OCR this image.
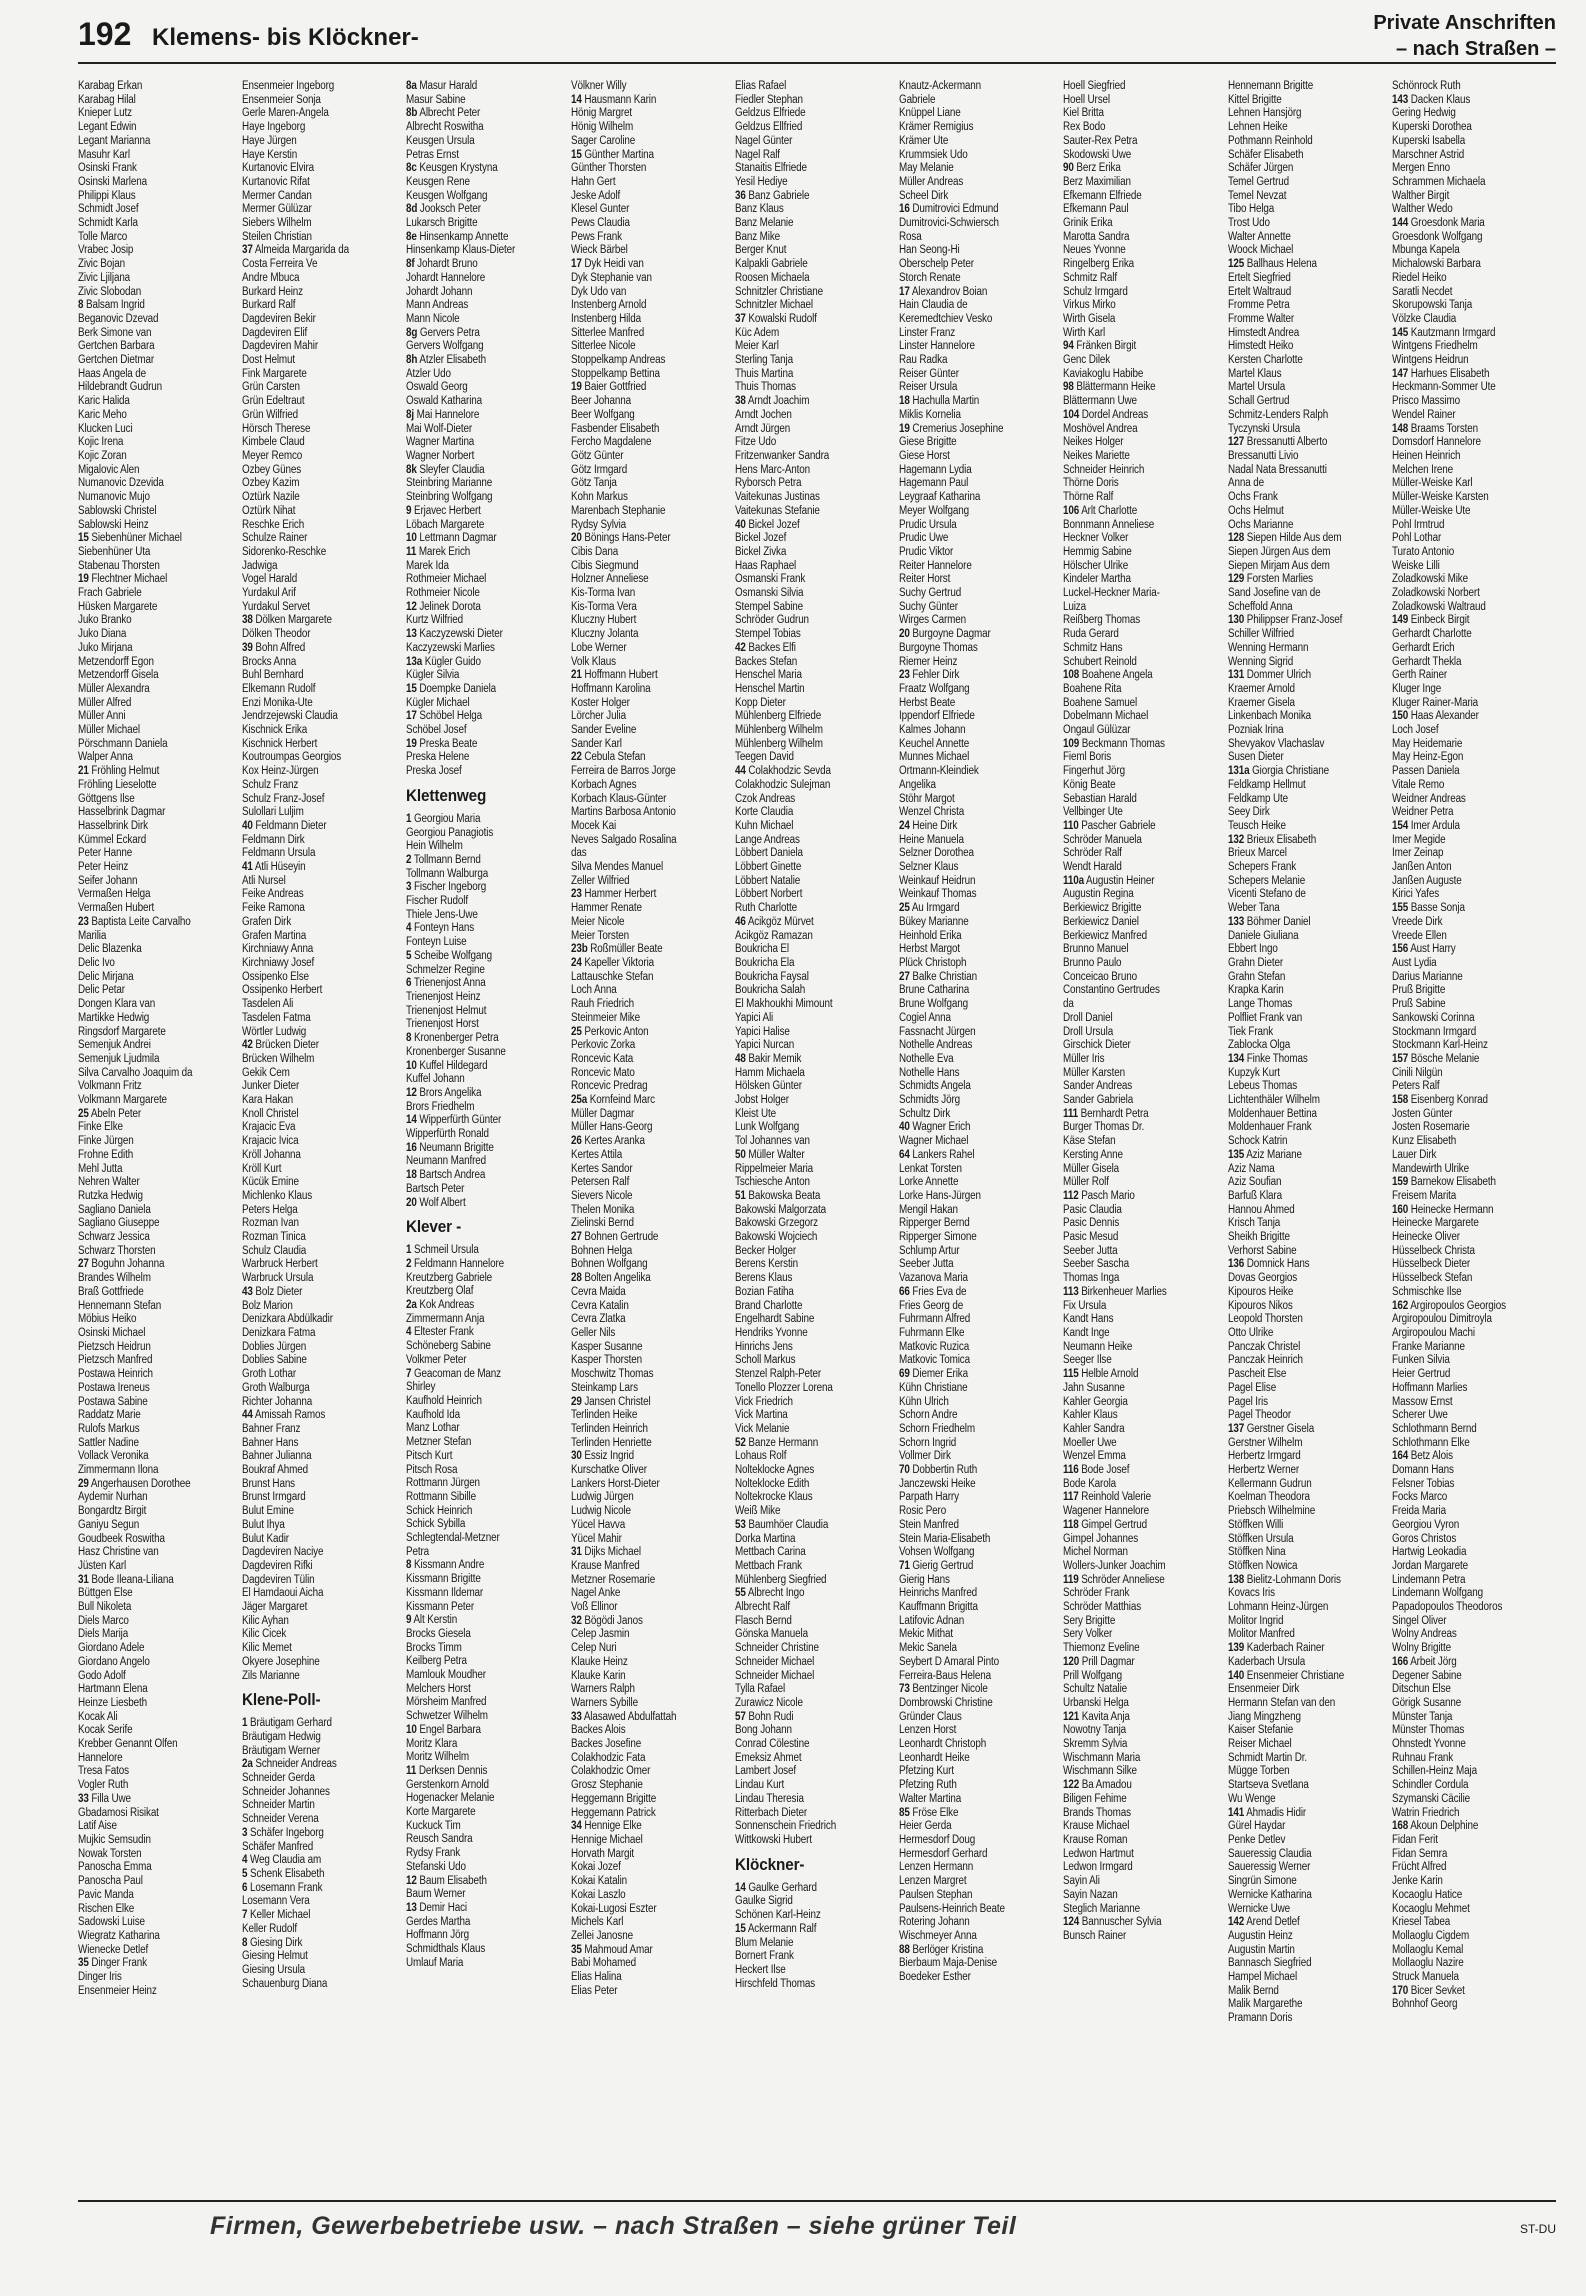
192 Klemens- bis Klöckner-
Private Anschriften
– nach Straßen –
Karabag Erkan
Karabag Hilal
Knieper Lutz
Legant Edwin
Legant Marianna
Masuhr Karl
Osinski Frank
Osinski Marlena
Philippi Klaus
Schmidt Josef
Schmidt Karla
Tolle Marco
Vrabec Josip
Zivic Bojan
Zivic Ljiljana
Zivic Slobodan
8 Balsam Ingrid
Beganovic Dzevad
Berk Simone van
Gertchen Barbara
Gertchen Dietmar
Haas Angela de
Hildebrandt Gudrun
Karic Halida
Karic Meho
Klucken Luci
Kojic Irena
Kojic Zoran
Migalovic Alen
Numanovic Dzevida
Numanovic Mujo
Sablowski Christel
Sablowski Heinz
15 Siebenhüner Michael
Siebenhüner Uta
Stabenau Thorsten
19 Flechtner Michael
Frach Gabriele
Hüsken Margarete
Juko Branko
Juko Diana
Juko Mirjana
Metzendorff Egon
Metzendorff Gisela
Müller Alexandra
Müller Alfred
Müller Anni
Müller Michael
Pörschmann Daniela
Walper Anna
21 Fröhling Helmut
Fröhling Lieselotte
Göttgens Ilse
Hasselbrink Dagmar
Hasselbrink Dirk
Kümmel Eckard
Peter Hanne
Peter Heinz
Seifer Johann
Vermaßen Helga
Vermaßen Hubert
23 Baptista Leite Carvalho
Marilia
Delic Blazenka
Delic Ivo
Delic Mirjana
Delic Petar
Dongen Klara van
Martikke Hedwig
Ringsdorf Margarete
Semenjuk Andrei
Semenjuk Ljudmila
Silva Carvalho Joaquim da
Volkmann Fritz
Volkmann Margarete
25 Abeln Peter
Finke Elke
Finke Jürgen
Frohne Edith
Mehl Jutta
Nehren Walter
Rutzka Hedwig
Sagliano Daniela
Sagliano Giuseppe
Schwarz Jessica
Schwarz Thorsten
27 Boguhn Johanna
Brandes Wilhelm
Braß Gottfriede
Hennemann Stefan
Möbius Heiko
Osinski Michael
Pietzsch Heidrun
Pietzsch Manfred
Postawa Heinrich
Postawa Ireneus
Postawa Sabine
Raddatz Marie
Rulofs Markus
Sattler Nadine
Vollack Veronika
Zimmermann Ilona
29 Angerhausen Dorothee
Aydemir Nurhan
Bongardtz Birgit
Ganiyu Segun
Goudbeek Roswitha
Hasz Christine van
Jüsten Karl
31 Bode Ileana-Liliana
Büttgen Else
Bull Nikoleta
Diels Marco
Diels Marija
Giordano Adele
Giordano Angelo
Godo Adolf
Hartmann Elena
Heinze Liesbeth
Kocak Ali
Kocak Serife
Krebber Genannt Olfen
Hannelore
Tresa Fatos
Vogler Ruth
33 Filla Uwe
Gbadamosi Risikat
Latif Aise
Mujkic Semsudin
Nowak Torsten
Panoscha Emma
Panoscha Paul
Pavic Manda
Rischen Elke
Sadowski Luise
Wiegratz Katharina
Wienecke Detlef
35 Dinger Frank
Dinger Iris
Ensenmeier Heinz
Ensenmeier Ingeborg
Ensenmeier Sonja
Gerle Maren-Angela
Haye Ingeborg
Haye Jürgen
Haye Kerstin
Kurtanovic Elvira
Kurtanovic Rifat
Mermer Candan
Mermer Gülüzar
Siebers Wilhelm
Steilen Christian
37 Almeida Margarida da
Costa Ferreira Ve
Andre Mbuca
Burkard Heinz
Burkard Ralf
Dagdeviren Bekir
Dagdeviren Elif
Dagdeviren Mahir
Dost Helmut
Fink Margarete
Grün Carsten
Grün Edeltraut
Grün Wilfried
Hörsch Therese
Kimbele Claud
Meyer Remco
Özbey Günes
Özbey Kazim
Öztürk Nazile
Öztürk Nihat
Reschke Erich
Schulze Rainer
Sidorenko-Reschke
Jadwiga
Vogel Harald
Yurdakul Arif
Yurdakul Servet
38 Dölken Margarete
Dölken Theodor
39 Bohn Alfred
Brocks Anna
Buhl Bernhard
Elkemann Rudolf
Enzi Monika-Ute
Jendrzejewski Claudia
Kischnick Erika
Kischnick Herbert
Koutroumpas Georgios
Kox Heinz-Jürgen
Schulz Franz
Schulz Franz-Josef
Sulollari Luljim
40 Feldmann Dieter
Feldmann Dirk
Feldmann Ursula
41 Atli Hüseyin
Atli Nursel
Feike Andreas
Feike Ramona
Grafen Dirk
Grafen Martina
Kirchniawy Anna
Kirchniawy Josef
Ossipenko Else
Ossipenko Herbert
Tasdelen Ali
Tasdelen Fatma
Wörtler Ludwig
42 Brücken Dieter
Brücken Wilhelm
Gekik Cem
Junker Dieter
Kara Hakan
Knoll Christel
Krajacic Eva
Krajacic Ivica
Kröll Johanna
Kröll Kurt
Kücük Emine
Michlenko Klaus
Peters Helga
Rozman Ivan
Rozman Tinica
Schulz Claudia
Warbruck Herbert
Warbruck Ursula
43 Bolz Dieter
Bolz Marion
Denizkara Abdülkadir
Denizkara Fatma
Doblies Jürgen
Doblies Sabine
Groth Lothar
Groth Walburga
Richter Johanna
44 Amissah Ramos
Bahner Franz
Bahner Hans
Bahner Julianna
Boukraf Ahmed
Brunst Hans
Brunst Irmgard
Bulut Emine
Bulut Ihya
Bulut Kadir
Dagdeviren Naciye
Dagdeviren Rifki
Dagdeviren Tülin
El Hamdaoui Aicha
Jäger Margaret
Kilic Ayhan
Kilic Cicek
Kilic Memet
Okyere Josephine
Zils Marianne
Klene-Poll-
1 Bräutigam Gerhard
Bräutigam Hedwig
Bräutigam Werner
2a Schneider Andreas
Schneider Gerda
Schneider Johannes
Schneider Martin
Schneider Verena
3 Schäfer Ingeborg
Schäfer Manfred
4 Weg Claudia am
5 Schenk Elisabeth
6 Losemann Frank
Losemann Vera
7 Keller Michael
Keller Rudolf
8 Giesing Dirk
Giesing Helmut
Giesing Ursula
Schauenburg Diana
8a Masur Harald
Masur Sabine
8b Albrecht Peter
Albrecht Roswitha
Keusgen Ursula
Petras Ernst
8c Keusgen Krystyna
Keusgen Rene
Keusgen Wolfgang
8d Jooksch Peter
Lukarsch Brigitte
8e Hinsenkamp Annette
Hinsenkamp Klaus-Dieter
8f Johardt Bruno
Johardt Hannelore
Johardt Johann
Mann Andreas
Mann Nicole
8g Gervers Petra
Gervers Wolfgang
8h Atzler Elisabeth
Atzler Udo
Oswald Georg
Oswald Katharina
8j Mai Hannelore
Mai Wolf-Dieter
Wagner Martina
Wagner Norbert
8k Sleyfer Claudia
Steinbring Marianne
Steinbring Wolfgang
9 Erjavec Herbert
Löbach Margarete
10 Lettmann Dagmar
11 Marek Erich
Marek Ida
Rothmeier Michael
Rothmeier Nicole
12 Jelinek Dorota
Kurtz Wilfried
13 Kaczyzewski Dieter
Kaczyzewski Marlies
13a Kügler Guido
Kügler Silvia
15 Doempke Daniela
Kügler Michael
17 Schöbel Helga
Schöbel Josef
19 Preska Beate
Preska Helene
Preska Josef
Klettenweg
1 Georgiou Maria
Georgiou Panagiotis
Hein Wilhelm
2 Tollmann Bernd
Tollmann Walburga
3 Fischer Ingeborg
Fischer Rudolf
Thiele Jens-Uwe
4 Fonteyn Hans
Fonteyn Luise
5 Scheibe Wolfgang
Schmelzer Regine
6 Trienenjost Anna
Trienenjost Heinz
Trienenjost Helmut
Trienenjost Horst
8 Kronenberger Petra
Kronenberger Susanne
10 Kuffel Hildegard
Kuffel Johann
12 Brors Angelika
Brors Friedhelm
14 Wipperfürth Günter
Wipperfürth Ronald
16 Neumann Brigitte
Neumann Manfred
18 Bartsch Andrea
Bartsch Peter
20 Wolf Albert
Klever -
1 Schmeil Ursula
2 Feldmann Hannelore
Kreutzberg Gabriele
Kreutzberg Olaf
2a Kok Andreas
Zimmermann Anja
4 Eltester Frank
Schöneberg Sabine
Volkmer Peter
7 Geacoman de Manz
Shirley
Kaufhold Heinrich
Kaufhold Ida
Manz Lothar
Metzner Stefan
Pitsch Kurt
Pitsch Rosa
Rottmann Jürgen
Rottmann Sibille
Schick Heinrich
Schick Sybilla
Schlegtendal-Metzner
Petra
8 Kissmann Andre
Kissmann Brigitte
Kissmann Ildemar
Kissmann Peter
9 Alt Kerstin
Brocks Giesela
Brocks Timm
Keilberg Petra
Mamlouk Moudher
Melchers Horst
Mörsheim Manfred
Schwetzer Wilhelm
10 Engel Barbara
Moritz Klara
Moritz Wilhelm
11 Derksen Dennis
Gerstenkorn Arnold
Hogenacker Melanie
Korte Margarete
Kuckuck Tim
Reusch Sandra
Rydsy Frank
Stefanski Udo
12 Baum Elisabeth
Baum Werner
13 Demir Haci
Gerdes Martha
Hoffmann Jörg
Schmidthals Klaus
Umlauf Maria
Völkner Willy
14 Hausmann Karin
Hönig Margret
Hönig Wilhelm
Sager Caroline
15 Günther Martina
Günther Thorsten
Hahn Gert
Jeske Adolf
Klesel Gunter
Pews Claudia
Pews Frank
Wieck Bärbel
17 Dyk Heidi van
Dyk Stephanie van
Dyk Udo van
Instenberg Arnold
Instenberg Hilda
Sitterlee Manfred
Sitterlee Nicole
Stoppelkamp Andreas
Stoppelkamp Bettina
19 Baier Gottfried
Beer Johanna
Beer Wolfgang
Fasbender Elisabeth
Fercho Magdalene
Götz Günter
Götz Irmgard
Götz Tanja
Kohn Markus
Marenbach Stephanie
Rydsy Sylvia
20 Bönings Hans-Peter
Cibis Dana
Cibis Siegmund
Holzner Anneliese
Kis-Torma Ivan
Kis-Torma Vera
Kluczny Hubert
Kluczny Jolanta
Lobe Werner
Volk Klaus
21 Hoffmann Hubert
Hoffmann Karolina
Koster Holger
Lörcher Julia
Sander Eveline
Sander Karl
22 Cebula Stefan
Ferreira de Barros Jorge
Korbach Agnes
Korbach Klaus-Günter
Martins Barbosa Antonio
Mocek Kai
Neves Salgado Rosalina
das
Silva Mendes Manuel
Zeller Wilfried
23 Hammer Herbert
Hammer Renate
Meier Nicole
Meier Torsten
23b Roßmüller Beate
24 Kapeller Viktoria
Lattauschke Stefan
Loch Anna
Rauh Friedrich
Steinmeier Mike
25 Perkovic Anton
Perkovic Zorka
Roncevic Kata
Roncevic Mato
Roncevic Predrag
25a Kornfeind Marc
Müller Dagmar
Müller Hans-Georg
26 Kertes Aranka
Kertes Attila
Kertes Sandor
Petersen Ralf
Sievers Nicole
Thelen Monika
Zielinski Bernd
27 Bohnen Gertrude
Bohnen Helga
Bohnen Wolfgang
28 Bolten Angelika
Cevra Maida
Cevra Katalin
Cevra Zlatka
Geller Nils
Kasper Susanne
Kasper Thorsten
Moschwitz Thomas
Steinkamp Lars
29 Jansen Christel
Terlinden Heike
Terlinden Heinrich
Terlinden Henriette
30 Essiz Ingrid
Kurschatke Oliver
Lankers Horst-Dieter
Ludwig Jürgen
Ludwig Nicole
Yücel Havva
Yücel Mahir
31 Dijks Michael
Krause Manfred
Metzner Rosemarie
Nagel Anke
Voß Ellinor
32 Bögödi Janos
Celep Jasmin
Celep Nuri
Klauke Heinz
Klauke Karin
Warners Ralph
Warners Sybille
33 Alasawed Abdulfattah
Backes Alois
Backes Josefine
Colakhodzic Fata
Colakhodzic Omer
Grosz Stephanie
Heggemann Brigitte
Heggemann Patrick
34 Hennige Elke
Hennige Michael
Horvath Margit
Kokai Jozef
Kokai Katalin
Kokai Laszlo
Kokai-Lugosi Eszter
Michels Karl
Zellei Janosne
35 Mahmoud Amar
Babi Mohamed
Elias Halina
Elias Peter
Elias Rafael
Fiedler Stephan
Geldzus Elfriede
Geldzus Ellfried
Nagel Günter
Nagel Ralf
Stanaitis Elfriede
Yesil Hediye
36 Banz Gabriele
Banz Klaus
Banz Melanie
Banz Mike
Berger Knut
Kalpakli Gabriele
Roosen Michaela
Schnitzler Christiane
Schnitzler Michael
37 Kowalski Rudolf
Küc Adem
Meier Karl
Sterling Tanja
Thuis Martina
Thuis Thomas
38 Arndt Joachim
Arndt Jochen
Arndt Jürgen
Fitze Udo
Fritzenwanker Sandra
Hens Marc-Anton
Ryborsch Petra
Vaitekunas Justinas
Vaitekunas Stefanie
40 Bickel Jozef
Bickel Jozef
Bickel Zivka
Haas Raphael
Osmanski Frank
Osmanski Silvia
Stempel Sabine
Schröder Gudrun
Stempel Tobias
42 Backes Elfi
Backes Stefan
Henschel Maria
Henschel Martin
Kopp Dieter
Mühlenberg Elfriede
Mühlenberg Wilhelm
Mühlenberg Wilhelm
Teegen David
44 Colakhodzic Sevda
Colakhodzic Sulejman
Czok Andreas
Korte Claudia
Kuhn Michael
Lange Andreas
Löbbert Daniela
Löbbert Ginette
Löbbert Natalie
Löbbert Norbert
Ruth Charlotte
46 Acikgöz Mürvet
Acikgöz Ramazan
Boukricha El
Boukricha Ela
Boukricha Faysal
Boukricha Salah
El Makhoukhi Mimount
Yapici Ali
Yapici Halise
Yapici Nurcan
48 Bakir Memik
Hamm Michaela
Hölsken Günter
Jobst Holger
Kleist Ute
Lunk Wolfgang
Tol Johannes van
50 Müller Walter
Rippelmeier Maria
Tschiesche Anton
51 Bakowska Beata
Bakowski Malgorzata
Bakowski Grzegorz
Bakowski Wojciech
Becker Holger
Berens Kerstin
Berens Klaus
Bozian Fatiha
Brand Charlotte
Engelhardt Sabine
Hendriks Yvonne
Hinrichs Jens
Scholl Markus
Stenzel Ralph-Peter
Tonello Plozzer Lorena
Vick Friedrich
Vick Martina
Vick Melanie
52 Banze Hermann
Lohaus Rolf
Nolteklocke Agnes
Nolteklocke Edith
Noltekrocke Klaus
Weiß Mike
53 Baumhöer Claudia
Dorka Martina
Mettbach Carina
Mettbach Frank
Mühlenberg Siegfried
55 Albrecht Ingo
Albrecht Ralf
Flasch Bernd
Gönska Manuela
Schneider Christine
Schneider Michael
Schneider Michael
Tylla Rafael
Zurawicz Nicole
57 Bohn Rudi
Bong Johann
Conrad Cölestine
Emeksiz Ahmet
Lambert Josef
Lindau Kurt
Lindau Theresia
Ritterbach Dieter
Sonnenschein Friedrich
Wittkowski Hubert
Klöckner-
14 Gaulke Gerhard
Gaulke Sigrid
Schönen Karl-Heinz
15 Ackermann Ralf
Blum Melanie
Bornert Frank
Heckert Ilse
Hirschfeld Thomas
Knautz-Ackermann
Gabriele
Knüppel Liane
Krämer Remigius
Krämer Ute
Krummsiek Udo
May Melanie
Müller Andreas
Scheel Dirk
16 Dumitrovici Edmund
Dumitrovici-Schwiersch
Rosa
Han Seong-Hi
Oberschelp Peter
Storch Renate
17 Alexandrov Boian
Hain Claudia de
Keremedtchiev Vesko
Linster Franz
Linster Hannelore
Rau Radka
Reiser Günter
Reiser Ursula
18 Hachulla Martin
Miklis Kornelia
19 Cremerius Josephine
Giese Brigitte
Giese Horst
Hagemann Lydia
Hagemann Paul
Leygraaf Katharina
Meyer Wolfgang
Prudic Ursula
Prudic Uwe
Prudic Viktor
Reiter Hannelore
Reiter Horst
Suchy Gertrud
Suchy Günter
Wirges Carmen
20 Burgoyne Dagmar
Burgoyne Thomas
Riemer Heinz
23 Fehler Dirk
Fraatz Wolfgang
Herbst Beate
Ippendorf Elfriede
Kalmes Johann
Keuchel Annette
Munnes Michael
Ortmann-Kleindiek
Angelika
Stöhr Margot
Wenzel Christa
24 Heine Dirk
Heine Manuela
Selzner Dorothea
Selzner Klaus
Weinkauf Heidrun
Weinkauf Thomas
25 Au Irmgard
Bükey Marianne
Heinhold Erika
Herbst Margot
Plück Christoph
27 Balke Christian
Brune Catharina
Brune Wolfgang
Cogiel Anna
Fassnacht Jürgen
Nothelle Andreas
Nothelle Eva
Nothelle Hans
Schmidts Angela
Schmidts Jörg
Schultz Dirk
40 Wagner Erich
Wagner Michael
64 Lankers Rahel
Lenkat Torsten
Lorke Annette
Lorke Hans-Jürgen
Mengil Hakan
Ripperger Bernd
Ripperger Simone
Schlump Artur
Seeber Jutta
Vazanova Maria
66 Fries Eva de
Fries Georg de
Fuhrmann Alfred
Fuhrmann Elke
Matkovic Ruzica
Matkovic Tomica
69 Diemer Erika
Kühn Christiane
Kühn Ulrich
Schorn Andre
Schorn Friedhelm
Schorn Ingrid
Vollmer Dirk
70 Dobbertin Ruth
Janczewski Heike
Parpath Harry
Rosic Pero
Stein Manfred
Stein Maria-Elisabeth
Vohsen Wolfgang
71 Gierig Gertrud
Gierig Hans
Heinrichs Manfred
Kauffmann Brigitta
Latifovic Adnan
Mekic Mithat
Mekic Sanela
Seybert D Amaral Pinto
Ferreira-Baus Helena
73 Bentzinger Nicole
Dombrowski Christine
Gründer Claus
Lenzen Horst
Leonhardt Christoph
Leonhardt Heike
Pfetzing Kurt
Pfetzing Ruth
Walter Martina
85 Fröse Elke
Heier Gerda
Hermesdorf Doug
Hermesdorf Gerhard
Lenzen Hermann
Lenzen Margret
Paulsen Stephan
Paulsens-Heinrich Beate
Rotering Johann
Wischmeyer Anna
88 Berlöger Kristina
Bierbaum Maja-Denise
Boedeker Esther
Hoell Siegfried
Hoell Ursel
Kiel Britta
Rex Bodo
Sauter-Rex Petra
Skodowski Uwe
90 Berz Erika
Berz Maximilian
Efkemann Elfriede
Efkemann Paul
Grinik Erika
Marotta Sandra
Neues Yvonne
Ringelberg Erika
Schmitz Ralf
Schulz Irmgard
Virkus Mirko
Wirth Gisela
Wirth Karl
94 Fränken Birgit
Genc Dilek
Kaviakoglu Habibe
98 Blättermann Heike
Blättermann Uwe
104 Dordel Andreas
Moshövel Andrea
Neikes Holger
Neikes Mariette
Schneider Heinrich
Thörne Doris
Thörne Ralf
106 Arlt Charlotte
Bonnmann Anneliese
Heckner Volker
Hemmig Sabine
Hölscher Ulrike
Kindeler Martha
Luckel-Heckner Maria-
Luiza
Reißberg Thomas
Ruda Gerard
Schmitz Hans
Schubert Reinold
108 Boahene Angela
Boahene Rita
Boahene Samuel
Dobelmann Michael
Ongaul Gülüzar
109 Beckmann Thomas
Fieml Boris
Fingerhut Jörg
König Beate
Sebastian Harald
Vellbinger Ute
110 Pascher Gabriele
Schröder Manuela
Schröder Ralf
Wendt Harald
110a Augustin Heiner
Augustin Regina
Berkiewicz Brigitte
Berkiewicz Daniel
Berkiewicz Manfred
Brunno Manuel
Brunno Paulo
Conceicao Bruno
Constantino Gertrudes
da
Droll Daniel
Droll Ursula
Girschick Dieter
Müller Iris
Müller Karsten
Sander Andreas
Sander Gabriela
111 Bernhardt Petra
Burger Thomas Dr.
Käse Stefan
Kersting Anne
Müller Gisela
Müller Rolf
112 Pasch Mario
Pasic Claudia
Pasic Dennis
Pasic Mesud
Seeber Jutta
Seeber Sascha
Thomas Inga
113 Birkenheuer Marlies
Fix Ursula
Kandt Hans
Kandt Inge
Neumann Heike
Seeger Ilse
115 Helble Arnold
Jahn Susanne
Kahler Georgia
Kahler Klaus
Kahler Sandra
Moeller Uwe
Wenzel Emma
116 Bode Josef
Bode Karola
117 Reinhold Valerie
Wagener Hannelore
118 Gimpel Gertrud
Gimpel Johannes
Michel Norman
Wollers-Junker Joachim
119 Schröder Anneliese
Schröder Frank
Schröder Matthias
Sery Brigitte
Sery Volker
Thiemonz Eveline
120 Prill Dagmar
Prill Wolfgang
Schultz Natalie
Urbanski Helga
121 Kavita Anja
Nowotny Tanja
Skremm Sylvia
Wischmann Maria
Wischmann Silke
122 Ba Amadou
Biligen Fehime
Brands Thomas
Krause Michael
Krause Roman
Ledwon Hartmut
Ledwon Irmgard
Sayin Ali
Sayin Nazan
Steglich Marianne
124 Bannuscher Sylvia
Bunsch Rainer
Hennemann Brigitte
Kittel Brigitte
Lehnen Hansjörg
Lehnen Heike
Pothmann Reinhold
Schäfer Elisabeth
Schäfer Jürgen
Temel Gertrud
Temel Nevzat
Tibo Helga
Trost Udo
Walter Annette
Woock Michael
125 Ballhaus Helena
Ertelt Siegfried
Ertelt Waltraud
Fromme Petra
Fromme Walter
Himstedt Andrea
Himstedt Heiko
Kersten Charlotte
Martel Klaus
Martel Ursula
Schall Gertrud
Schmitz-Lenders Ralph
Tyczynski Ursula
127 Bressanutti Alberto
Bressanutti Livio
Nadal Nata Bressanutti
Anna de
Ochs Frank
Ochs Helmut
Ochs Marianne
128 Siepen Hilde Aus dem
Siepen Jürgen Aus dem
Siepen Mirjam Aus dem
129 Forsten Marlies
Sand Josefine van de
Scheffold Anna
130 Philippser Franz-Josef
Schiller Wilfried
Wenning Hermann
Wenning Sigrid
131 Dommer Ulrich
Kraemer Arnold
Kraemer Gisela
Linkenbach Monika
Pozniak Irina
Shevyakov Vlachaslav
Susen Dieter
131a Giorgia Christiane
Feldkamp Hellmut
Feldkamp Ute
Seey Dirk
Teusch Heike
132 Brieux Elisabeth
Brieux Marcel
Schepers Frank
Schepers Melanie
Vicenti Stefano de
Weber Tana
133 Böhmer Daniel
Daniele Giuliana
Ebbert Ingo
Grahn Dieter
Grahn Stefan
Krapka Karin
Lange Thomas
Polfliet Frank van
Tiek Frank
Zablocka Olga
134 Finke Thomas
Kupzyk Kurt
Lebeus Thomas
Lichtenthäler Wilhelm
Moldenhauer Bettina
Moldenhauer Frank
Schock Katrin
135 Aziz Mariane
Aziz Nama
Aziz Soufian
Barfuß Klara
Hannou Ahmed
Krisch Tanja
Sheikh Brigitte
Verhorst Sabine
136 Domnick Hans
Dovas Georgios
Kipouros Heike
Kipouros Nikos
Leopold Thorsten
Otto Ulrike
Panczak Christel
Panczak Heinrich
Pascheit Else
Pagel Elise
Pagel Iris
Pagel Theodor
137 Gerstner Gisela
Gerstner Wilhelm
Herbertz Irmgard
Herbertz Werner
Kellermann Gudrun
Koelman Theodora
Priebsch Wilhelmine
Stöffken Willi
Stöffken Ursula
Stöffken Nina
Stöffken Nowica
138 Bielitz-Lohmann Doris
Kovacs Iris
Lohmann Heinz-Jürgen
Molitor Ingrid
Molitor Manfred
139 Kaderbach Rainer
Kaderbach Ursula
140 Ensenmeier Christiane
Ensenmeier Dirk
Hermann Stefan van den
Jiang Mingzheng
Kaiser Stefanie
Reiser Michael
Schmidt Martin Dr.
Mügge Torben
Startseva Svetlana
Wu Wenge
141 Ahmadis Hidir
Gürel Haydar
Penke Detlev
Saueressig Claudia
Saueressig Werner
Singrün Simone
Wernicke Katharina
Wernicke Uwe
142 Arend Detlef
Augustin Heinz
Augustin Martin
Bannasch Siegfried
Hampel Michael
Malik Bernd
Malik Margarethe
Pramann Doris
Schönrock Ruth
143 Dacken Klaus
Gering Hedwig
Kuperski Dorothea
Kuperski Isabella
Marschner Astrid
Mergen Enno
Schrammen Michaela
Walther Birgit
Walther Wedo
144 Groesdonk Maria
Groesdonk Wolfgang
Mbunga Kapela
Michalowski Barbara
Riedel Heiko
Saratli Necdet
Skorupowski Tanja
Völzke Claudia
145 Kautzmann Irmgard
Wintgens Friedhelm
Wintgens Heidrun
147 Harhues Elisabeth
Heckmann-Sommer Ute
Prisco Massimo
Wendel Rainer
148 Braams Torsten
Domsdorf Hannelore
Heinen Heinrich
Melchen Irene
Müller-Weiske Karl
Müller-Weiske Karsten
Müller-Weiske Ute
Pohl Irmtrud
Pohl Lothar
Turato Antonio
Weiske Lilli
Zoladkowski Mike
Zoladkowski Norbert
Zoladkowski Waltraud
149 Einbeck Birgit
Gerhardt Charlotte
Gerhardt Erich
Gerhardt Thekla
Gerth Rainer
Kluger Inge
Kluger Rainer-Maria
150 Haas Alexander
Loch Josef
May Heidemarie
May Heinz-Egon
Passen Daniela
Vitale Remo
Weidner Andreas
Weidner Petra
154 Imer Ardula
Imer Megide
Imer Zeinap
Janßen Anton
Janßen Auguste
Kirici Yafes
155 Basse Sonja
Vreede Dirk
Vreede Ellen
156 Aust Harry
Aust Lydia
Darius Marianne
Pruß Brigitte
Pruß Sabine
Sankowski Corinna
Stockmann Irmgard
Stockmann Karl-Heinz
157 Bösche Melanie
Cinili Nilgün
Peters Ralf
158 Eisenberg Konrad
Josten Günter
Josten Rosemarie
Kunz Elisabeth
Lauer Dirk
Mandewirth Ulrike
159 Barnekow Elisabeth
Freisem Marita
160 Heinecke Hermann
Heinecke Margarete
Heinecke Oliver
Hüsselbeck Christa
Hüsselbeck Dieter
Hüsselbeck Stefan
Schmischke Ilse
162 Argiropoulos Georgios
Argiropoulou Dimitroyla
Argiropoulou Machi
Franke Marianne
Funken Silvia
Heier Gertrud
Hoffmann Marlies
Massow Ernst
Scherer Uwe
Schlothmann Bernd
Schlothmann Elke
164 Betz Alois
Domann Hans
Felsner Tobias
Focks Marco
Freida Maria
Georgiou Vyron
Goros Christos
Hartwig Leokadia
Jordan Margarete
Lindemann Petra
Lindemann Wolfgang
Papadopoulos Theodoros
Singel Oliver
Wolny Andreas
Wolny Brigitte
166 Arbeit Jörg
Degener Sabine
Ditschun Else
Görigk Susanne
Münster Tanja
Münster Thomas
Ohnstedt Yvonne
Ruhnau Frank
Schillen-Heinz Maja
Schindler Cordula
Szymanski Cäcilie
Watrin Friedrich
168 Akoun Delphine
Fidan Ferit
Fidan Semra
Frücht Alfred
Jenke Karin
Kocaoglu Hatice
Kocaoglu Mehmet
Kriesel Tabea
Mollaoglu Cigdem
Mollaoglu Kemal
Mollaoglu Nazire
Struck Manuela
170 Bicer Sevket
Bohnhof Georg
Firmen, Gewerbebetriebe usw. – nach Straßen – siehe grüner Teil	ST-DU
